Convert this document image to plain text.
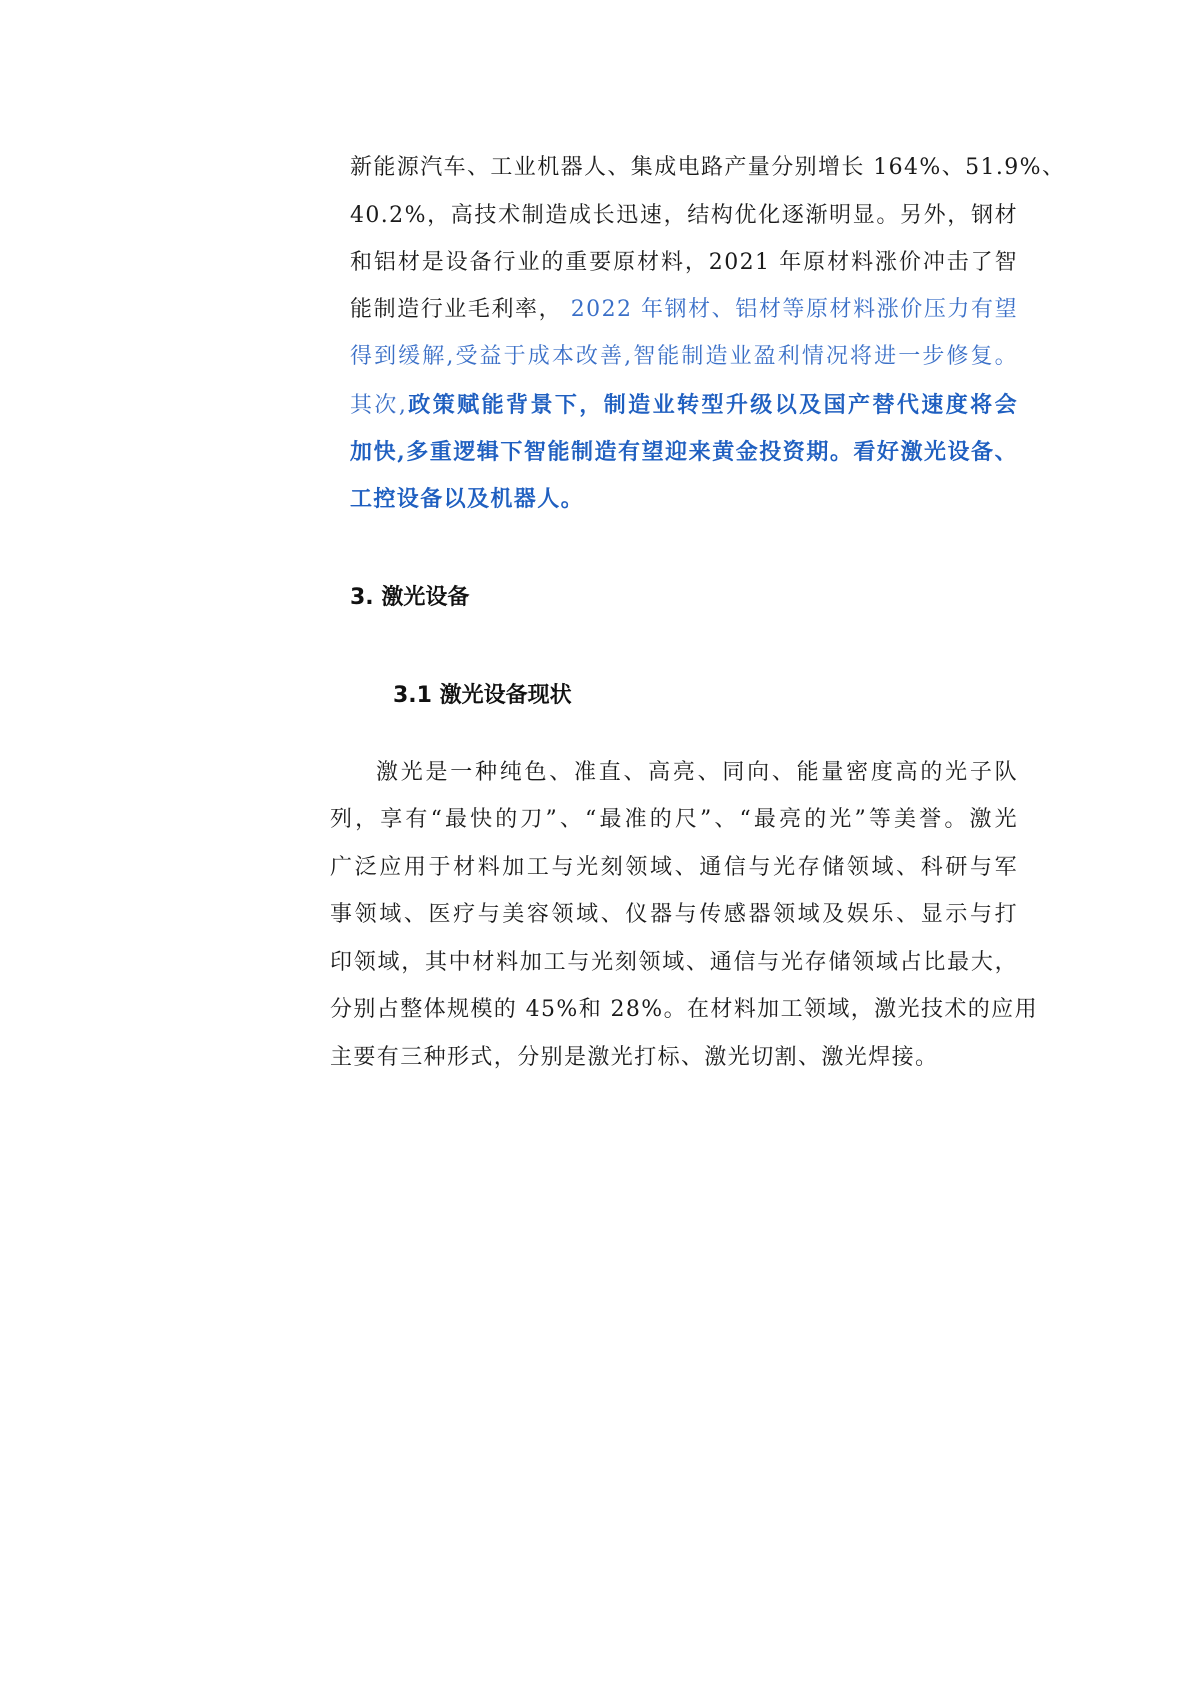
新能源汽车、工业机器人、集成电路产量分别增长 164%、51.9%、
40.2%，高技术制造成长迅速，结构优化逐渐明显。另外，钢材
和铝材是设备行业的重要原材料，2021 年原材料涨价冲击了智
能制造行业毛利率， 2022 年钢材、铝材等原材料涨价压力有望
得到缓解,受益于成本改善,智能制造业盈利情况将进一步修复。
其次,政策赋能背景下，制造业转型升级以及国产替代速度将会
加快,多重逻辑下智能制造有望迎来黄金投资期。看好激光设备、
工控设备以及机器人。
3. 激光设备
3.1 激光设备现状
激光是一种纯色、准直、高亮、同向、能量密度高的光子队
列，享有“最快的刀”、“最准的尺”、“最亮的光”等美誉。激光
广泛应用于材料加工与光刻领域、通信与光存储领域、科研与军
事领域、医疗与美容领域、仪器与传感器领域及娱乐、显示与打
印领域，其中材料加工与光刻领域、通信与光存储领域占比最大，
分别占整体规模的 45%和 28%。在材料加工领域，激光技术的应用
主要有三种形式，分别是激光打标、激光切割、激光焊接。
